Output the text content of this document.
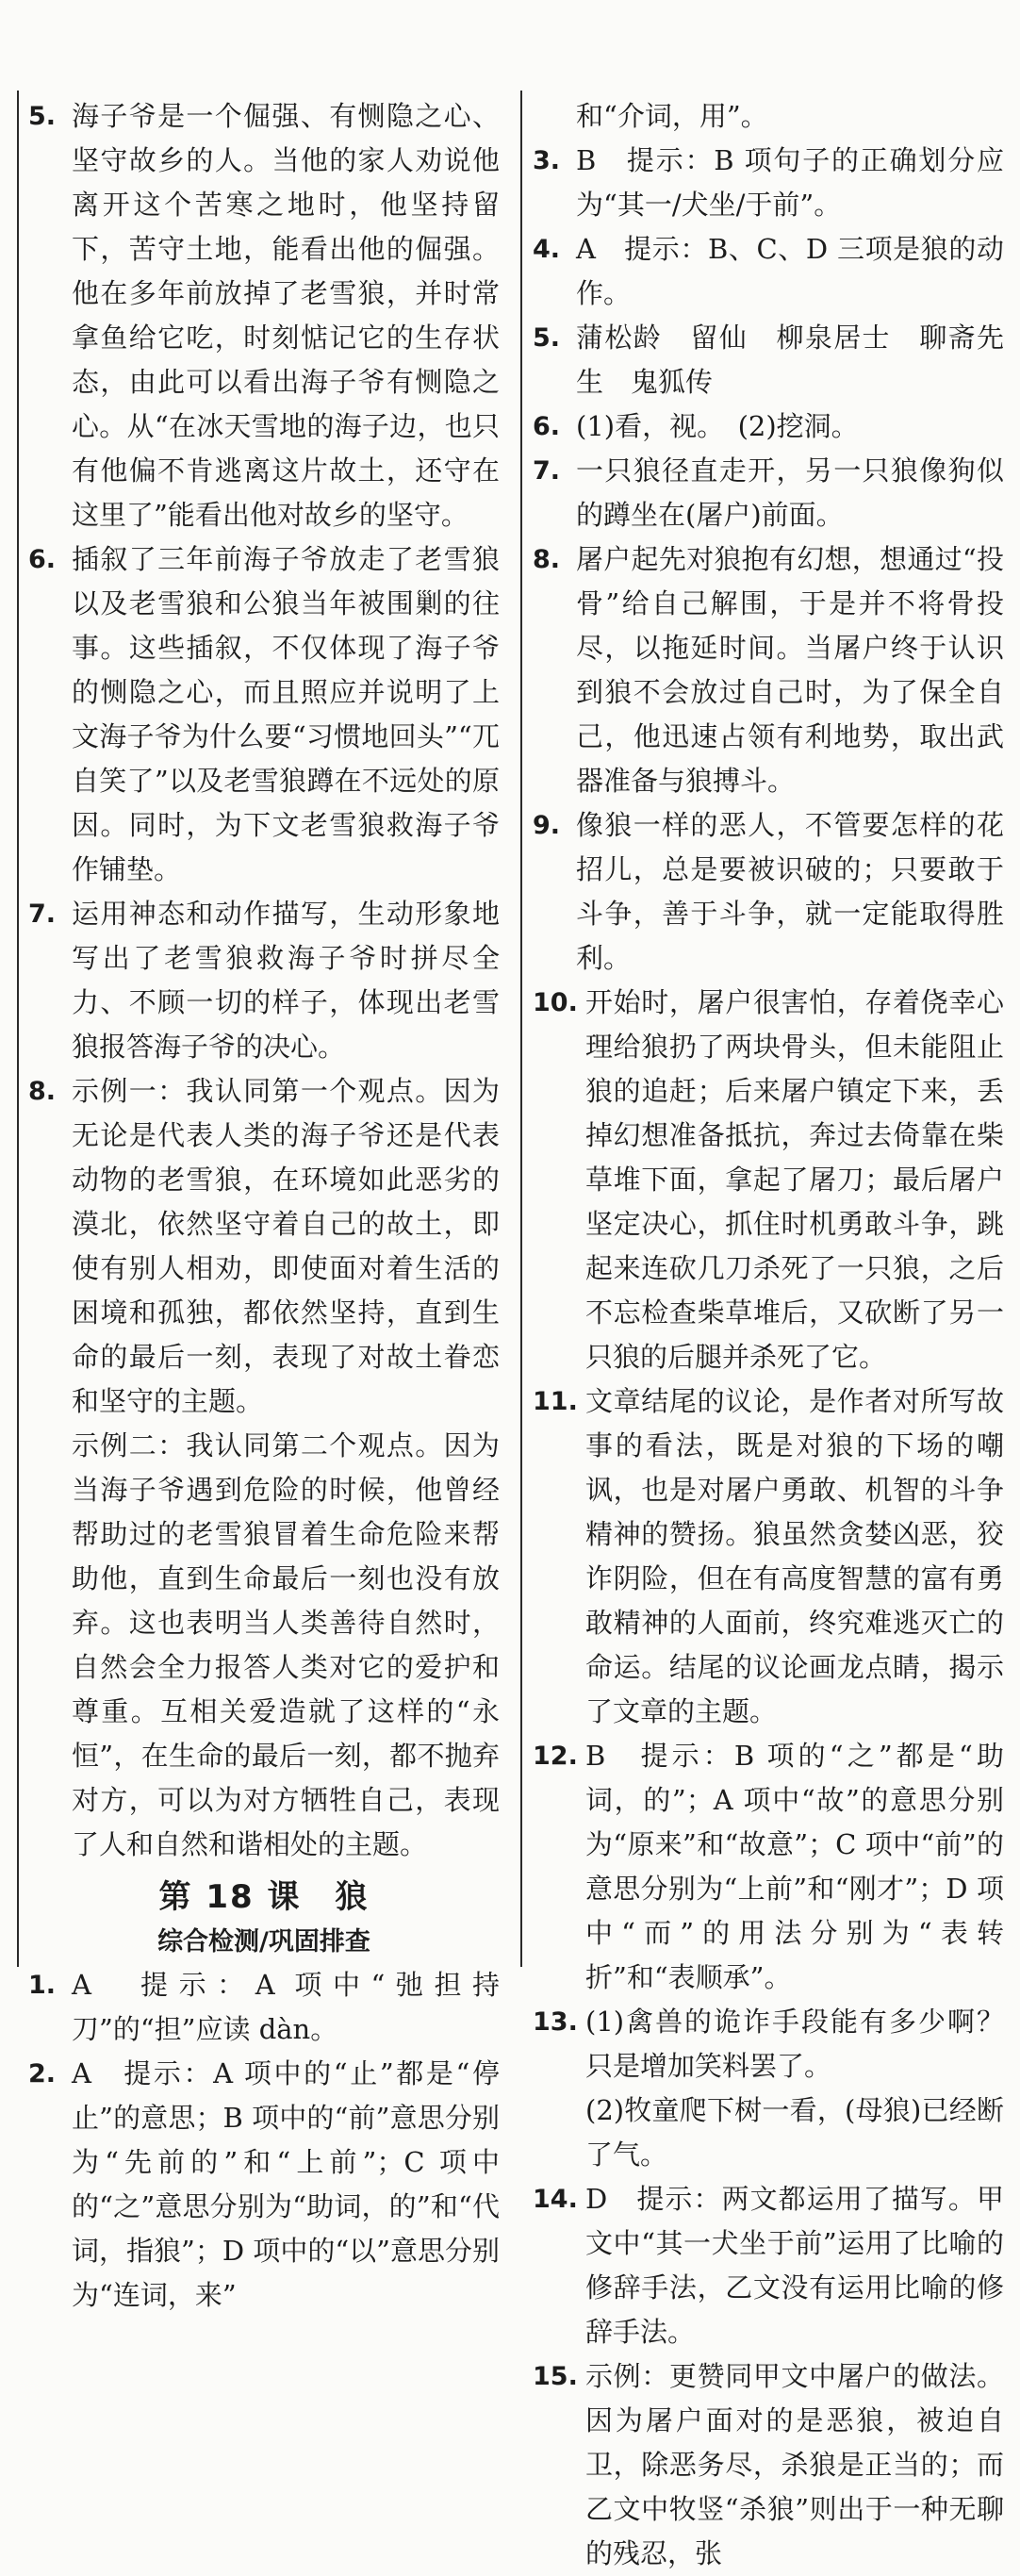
5. 海子爷是一个倔强、有恻隐之心、坚守故乡的人。当他的家人劝说他离开这个苦寒之地时，他坚持留下，苦守土地，能看出他的倔强。他在多年前放掉了老雪狼，并时常拿鱼给它吃，时刻惦记它的生存状态，由此可以看出海子爷有恻隐之心。从“在冰天雪地的海子边，也只有他偏不肯逃离这片故土，还守在这里了”能看出他对故乡的坚守。
6. 插叙了三年前海子爷放走了老雪狼以及老雪狼和公狼当年被围剿的往事。这些插叙，不仅体现了海子爷的恻隐之心，而且照应并说明了上文海子爷为什么要“习惯地回头”“兀自笑了”以及老雪狼蹲在不远处的原因。同时，为下文老雪狼救海子爷作铺垫。
7. 运用神态和动作描写，生动形象地写出了老雪狼救海子爷时拼尽全力、不顾一切的样子，体现出老雪狼报答海子爷的决心。
8. 示例一：我认同第一个观点。因为无论是代表人类的海子爷还是代表动物的老雪狼，在环境如此恶劣的漠北，依然坚守着自己的故土，即使有别人相劝，即使面对着生活的困境和孤独，都依然坚持，直到生命的最后一刻，表现了对故土眷恋和坚守的主题。

示例二：我认同第二个观点。因为当海子爷遇到危险的时候，他曾经帮助过的老雪狼冒着生命危险来帮助他，直到生命最后一刻也没有放弃。这也表明当人类善待自然时，自然会全力报答人类对它的爱护和尊重。互相关爱造就了这样的“永恒”，在生命的最后一刻，都不抛弃对方，可以为对方牺牲自己，表现了人和自然和谐相处的主题。

第 18 课　狼
综合检测/巩固排查
1. A　提示：A 项中“弛担持刀”的“担”应读 dàn。
2. A　提示：A 项中的“止”都是“停止”的意思；B 项中的“前”意思分别为“先前的”和“上前”；C 项中的“之”意思分别为“助词，的”和“代词，指狼”；D 项中的“以”意思分别为“连词，来”

和“介词，用”。

3. B　提示：B 项句子的正确划分应为“其一/犬坐/于前”。
4. A　提示：B、C、D 三项是狼的动作。
5. 蒲松龄　留仙　柳泉居士　聊斋先生　鬼狐传
6. (1)看，视。　(2)挖洞。
7. 一只狼径直走开，另一只狼像狗似的蹲坐在(屠户)前面。
8. 屠户起先对狼抱有幻想，想通过“投骨”给自己解围，于是并不将骨投尽，以拖延时间。当屠户终于认识到狼不会放过自己时，为了保全自己，他迅速占领有利地势，取出武器准备与狼搏斗。
9. 像狼一样的恶人，不管要怎样的花招儿，总是要被识破的；只要敢于斗争，善于斗争，就一定能取得胜利。
10. 开始时，屠户很害怕，存着侥幸心理给狼扔了两块骨头，但未能阻止狼的追赶；后来屠户镇定下来，丢掉幻想准备抵抗，奔过去倚靠在柴草堆下面，拿起了屠刀；最后屠户坚定决心，抓住时机勇敢斗争，跳起来连砍几刀杀死了一只狼，之后不忘检查柴草堆后，又砍断了另一只狼的后腿并杀死了它。
11. 文章结尾的议论，是作者对所写故事的看法，既是对狼的下场的嘲讽，也是对屠户勇敢、机智的斗争精神的赞扬。狼虽然贪婪凶恶，狡诈阴险，但在有高度智慧的富有勇敢精神的人面前，终究难逃灭亡的命运。结尾的议论画龙点睛，揭示了文章的主题。
12. B　提示：B 项的“之”都是“助词，的”；A 项中“故”的意思分别为“原来”和“故意”；C 项中“前”的意思分别为“上前”和“刚才”；D 项中“而”的用法分别为“表转折”和“表顺承”。
13. (1)禽兽的诡诈手段能有多少啊？只是增加笑料罢了。

(2)牧童爬下树一看，(母狼)已经断了气。

14. D　提示：两文都运用了描写。甲文中“其一犬坐于前”运用了比喻的修辞手法，乙文没有运用比喻的修辞手法。
15. 示例：更赞同甲文中屠户的做法。因为屠户面对的是恶狼，被迫自卫，除恶务尽，杀狼是正当的；而乙文中牧竖“杀狼”则出于一种无聊的残忍，张
